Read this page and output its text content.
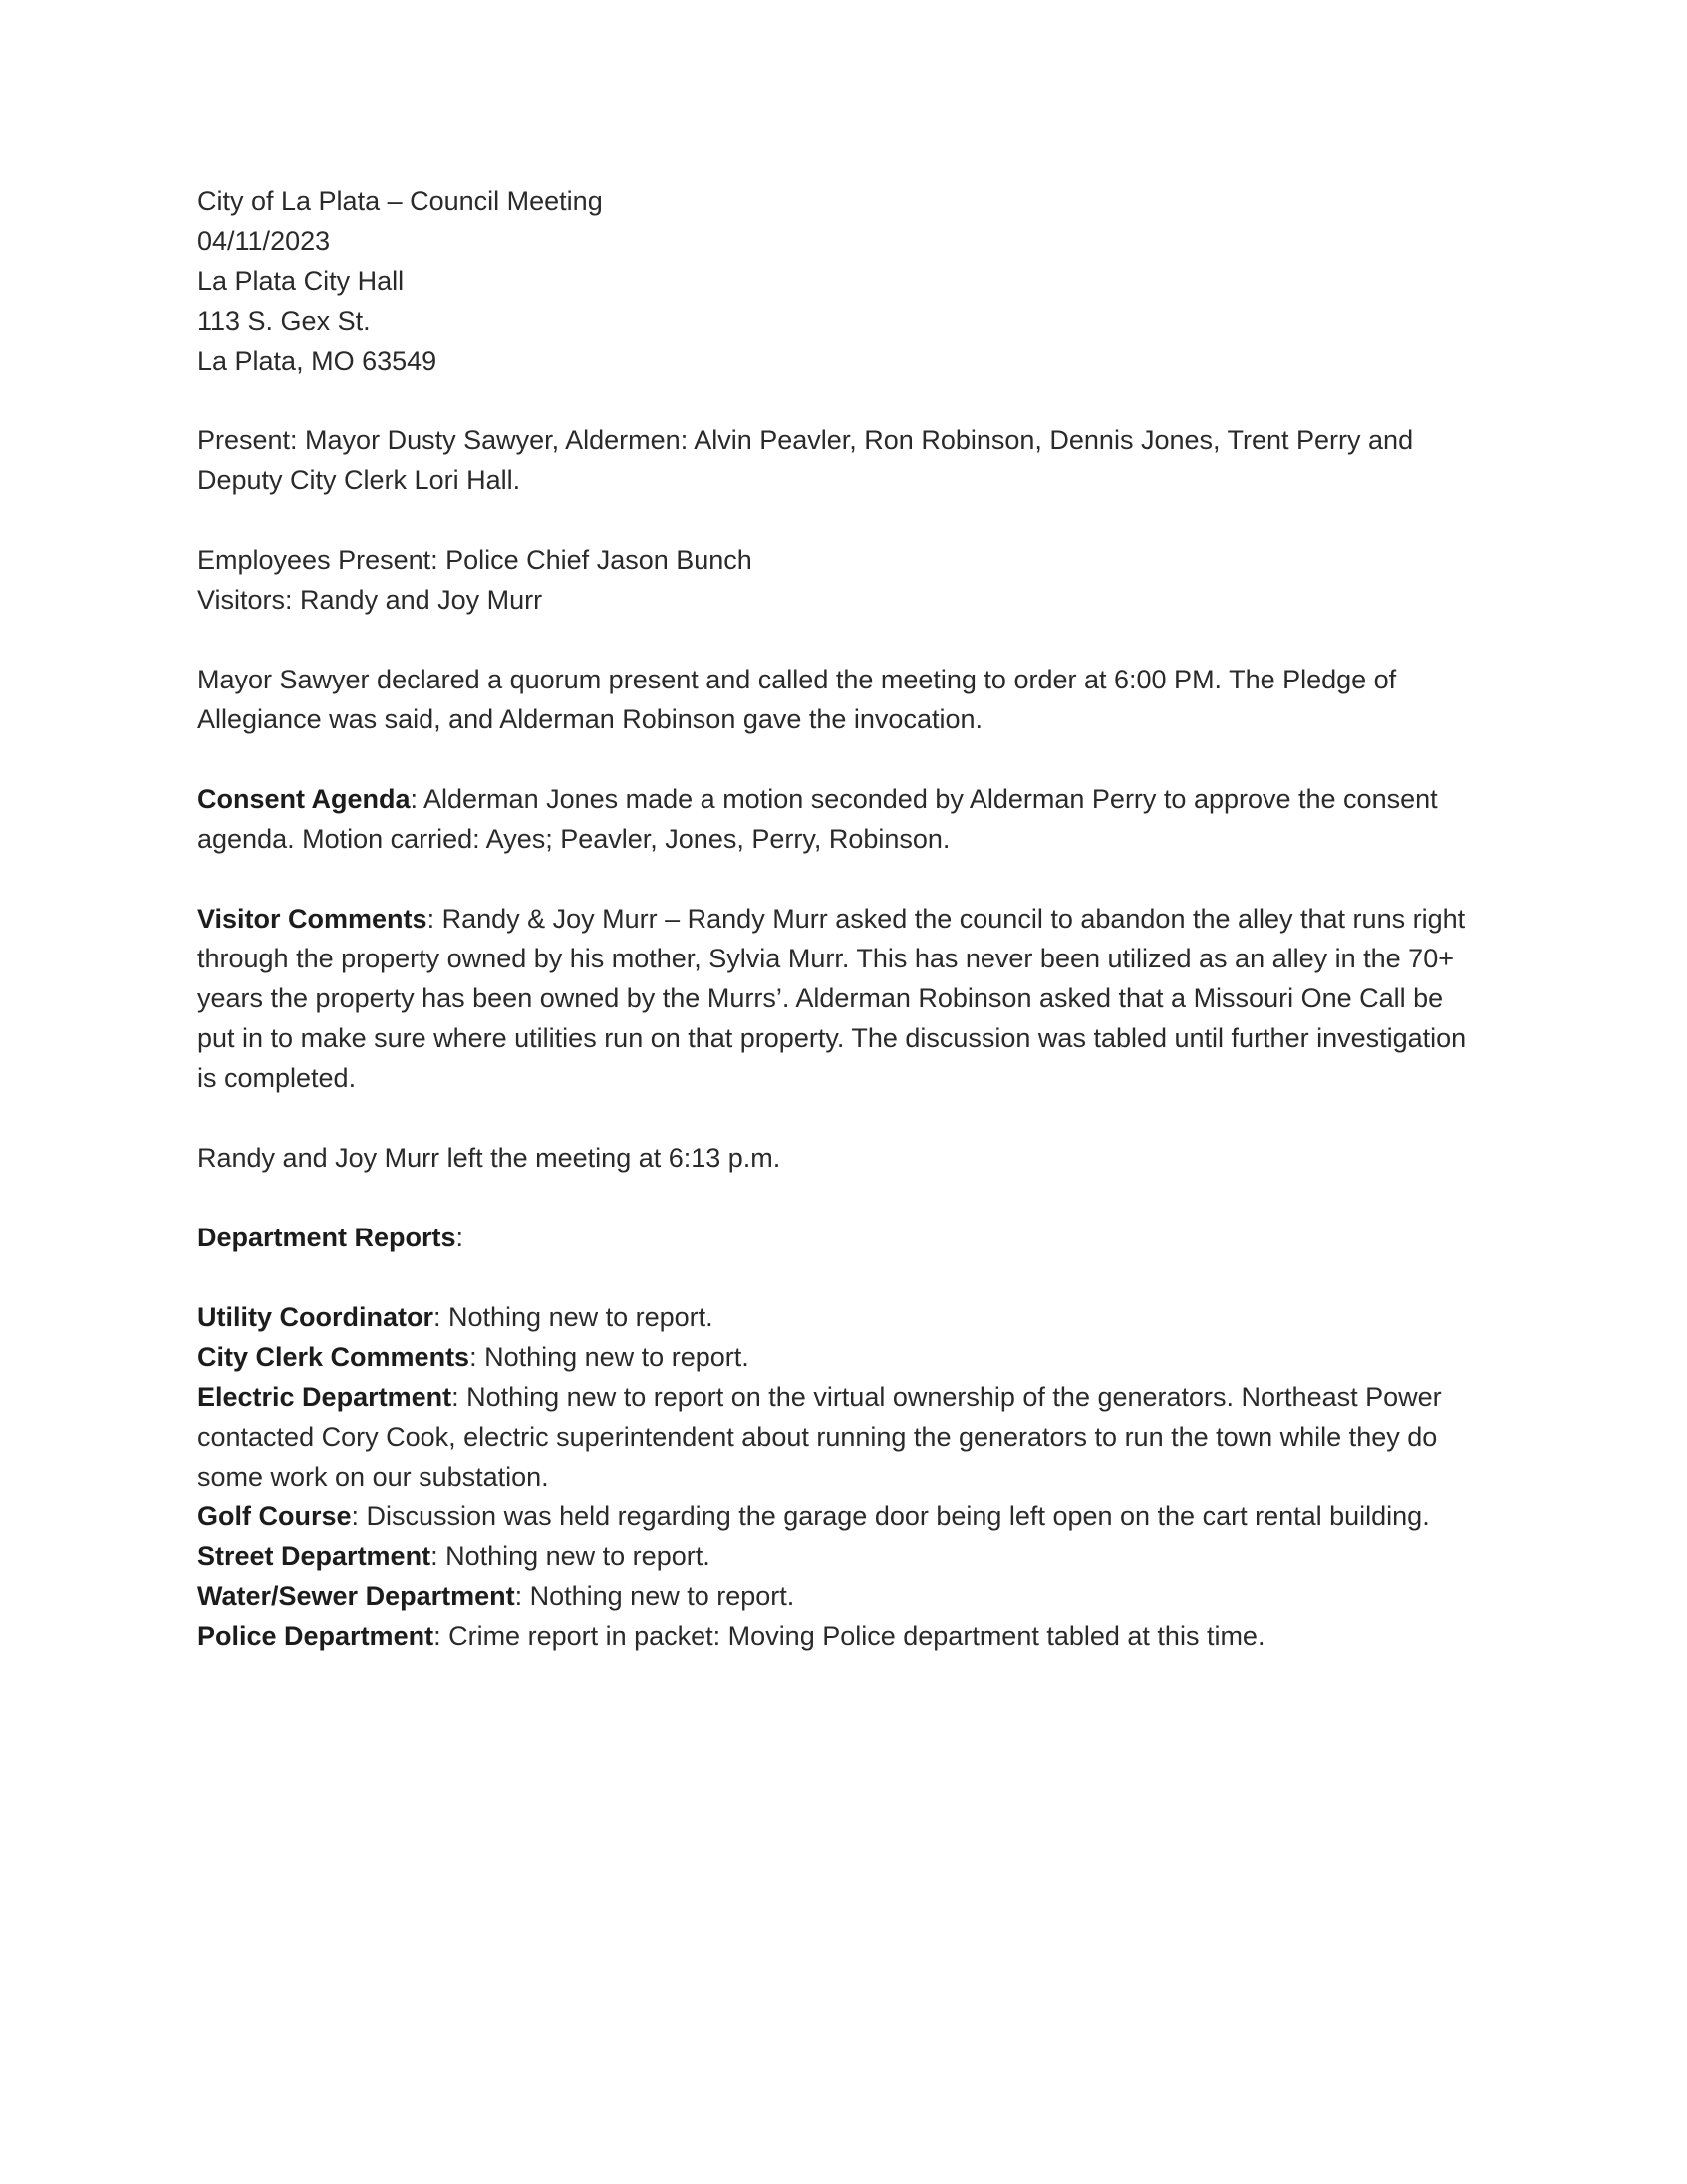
City of La Plata – Council Meeting
04/11/2023
La Plata City Hall
113 S. Gex St.
La Plata, MO 63549

Present: Mayor Dusty Sawyer, Aldermen: Alvin Peavler, Ron Robinson, Dennis Jones, Trent Perry and Deputy City Clerk Lori Hall.

Employees Present: Police Chief Jason Bunch
Visitors: Randy and Joy Murr

Mayor Sawyer declared a quorum present and called the meeting to order at 6:00 PM. The Pledge of Allegiance was said, and Alderman Robinson gave the invocation.

Consent Agenda: Alderman Jones made a motion seconded by Alderman Perry to approve the consent agenda. Motion carried: Ayes; Peavler, Jones, Perry, Robinson.

Visitor Comments: Randy & Joy Murr – Randy Murr asked the council to abandon the alley that runs right through the property owned by his mother, Sylvia Murr. This has never been utilized as an alley in the 70+ years the property has been owned by the Murrs’. Alderman Robinson asked that a Missouri One Call be put in to make sure where utilities run on that property. The discussion was tabled until further investigation is completed.

Randy and Joy Murr left the meeting at 6:13 p.m.

Department Reports:

Utility Coordinator: Nothing new to report.

City Clerk Comments: Nothing new to report.

Electric Department: Nothing new to report on the virtual ownership of the generators. Northeast Power contacted Cory Cook, electric superintendent about running the generators to run the town while they do some work on our substation.

Golf Course: Discussion was held regarding the garage door being left open on the cart rental building.

Street Department: Nothing new to report.

Water/Sewer Department: Nothing new to report.

Police Department: Crime report in packet: Moving Police department tabled at this time.
